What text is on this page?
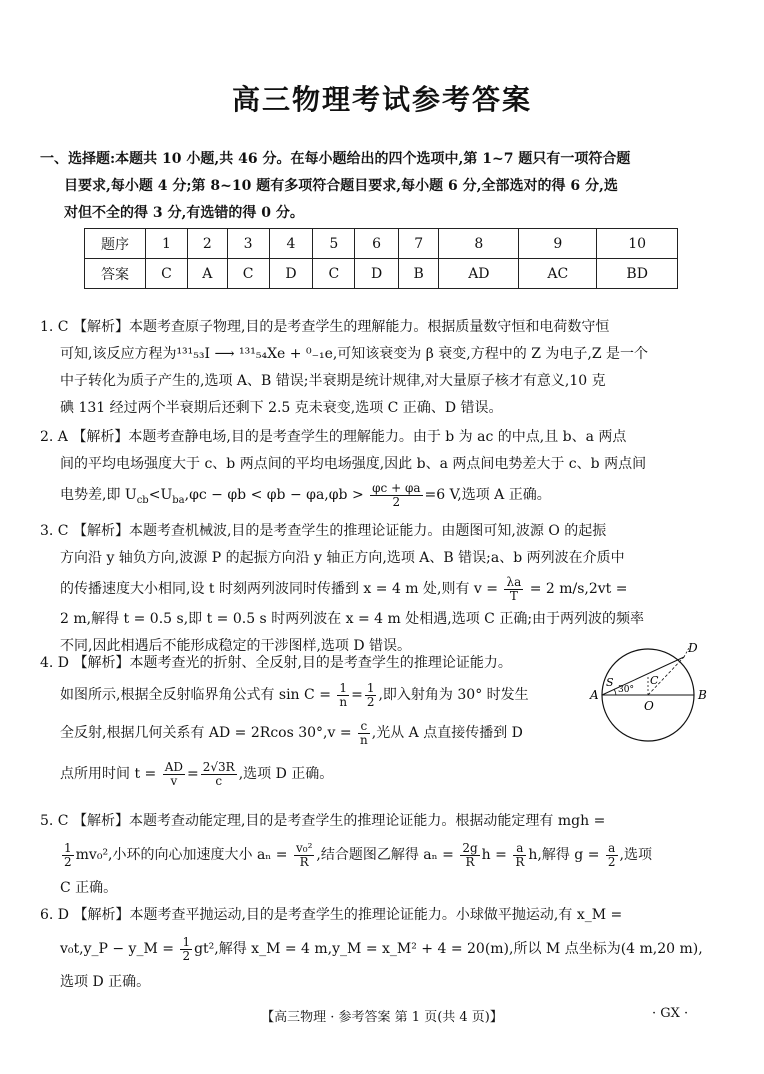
高三物理考试参考答案
一、选择题:本题共 10 小题,共 46 分。在每小题给出的四个选项中,第 1~7 题只有一项符合题
目要求,每小题 4 分;第 8~10 题有多项符合题目要求,每小题 6 分,全部选对的得 6 分,选
对但不全的得 3 分,有选错的得 0 分。
题序	1	2	3	4	5	6	7	8	9	10
答案	C	A	C	D	C	D	B	AD	AC	BD
1. C 【解析】本题考查原子物理,目的是考查学生的理解能力。根据质量数守恒和电荷数守恒
可知,该反应方程为¹³¹₅₃I ⟶ ¹³¹₅₄Xe + ⁰₋₁e,可知该衰变为 β 衰变,方程中的 Z 为电子,Z 是一个
中子转化为质子产生的,选项 A、B 错误;半衰期是统计规律,对大量原子核才有意义,10 克
碘 131 经过两个半衰期后还剩下 2.5 克未衰变,选项 C 正确、D 错误。
2. A 【解析】本题考查静电场,目的是考查学生的理解能力。由于 b 为 ac 的中点,且 b、a 两点
间的平均电场强度大于 c、b 两点间的平均电场强度,因此 b、a 两点间电势差大于 c、b 两点间
电势差,即 $U_{cb}<U_{ba},\varphi c - \varphi b < \varphi b - \varphi a,\varphi b > \frac{\varphi c + \varphi a}{2} =6$ V,选项 A 正确。
3. C 【解析】本题考查机械波,目的是考查学生的推理论证能力。由题图可知,波源 O 的起振
方向沿 y 轴负方向,波源 P 的起振方向沿 y 轴正方向,选项 A、B 错误;a、b 两列波在介质中
的传播速度大小相同,设 t 时刻两列波同时传播到 x = 4 m 处,则有 $v = \frac{\lambda a}{T} = 2$ m/s,2vt =
2 m,解得 t = 0.5 s,即 t = 0.5 s 时两列波在 x = 4 m 处相遇,选项 C 正确;由于两列波的频率
不同,因此相遇后不能形成稳定的干涉图样,选项 D 错误。
4. D 【解析】本题考查光的折射、全反射,目的是考查学生的推理论证能力。
如图所示,根据全反射临界角公式有 $\sin C = \frac{1}{n} = \frac{1}{2}$ ,即入射角为 30° 时发生
全反射,根据几何关系有 AD = 2Rcos $30^\circ,v = \frac{c}{n}$ ,光从 A 点直接传播到 D
点所用时间 $t = \frac{AD}{v} = \frac{2√3R}{c}$ ,选项 D 正确。
A	B
O
C
D
S
30°
5. C 【解析】本题考查动能定理,目的是考查学生的推理论证能力。根据动能定理有 mgh =
$\frac{1}{2} mv_0^2$,小环的向心加速度大小 $a_n = \frac{\text{v₀²}}{R}$ ,结合题图乙解得 $a_n = \frac{2g}{R}$ $h = \frac{a}{R} h$,解得 $g = \frac{a}{2}$ ,选项
C 正确。
6. D 【解析】本题考查平抛运动,目的是考查学生的推理论证能力。小球做平抛运动,有 x_M =
v₀t,y_P − y_M = $\frac{1}{2} gt^2$,解得 x_M = 4 m,y_M = x_M² + 4 = 20(m),所以 M 点坐标为(4 m,20 m),
选项 D 正确。
【高三物理 · 参考答案 第 1 页(共 4 页)】	· GX ·
